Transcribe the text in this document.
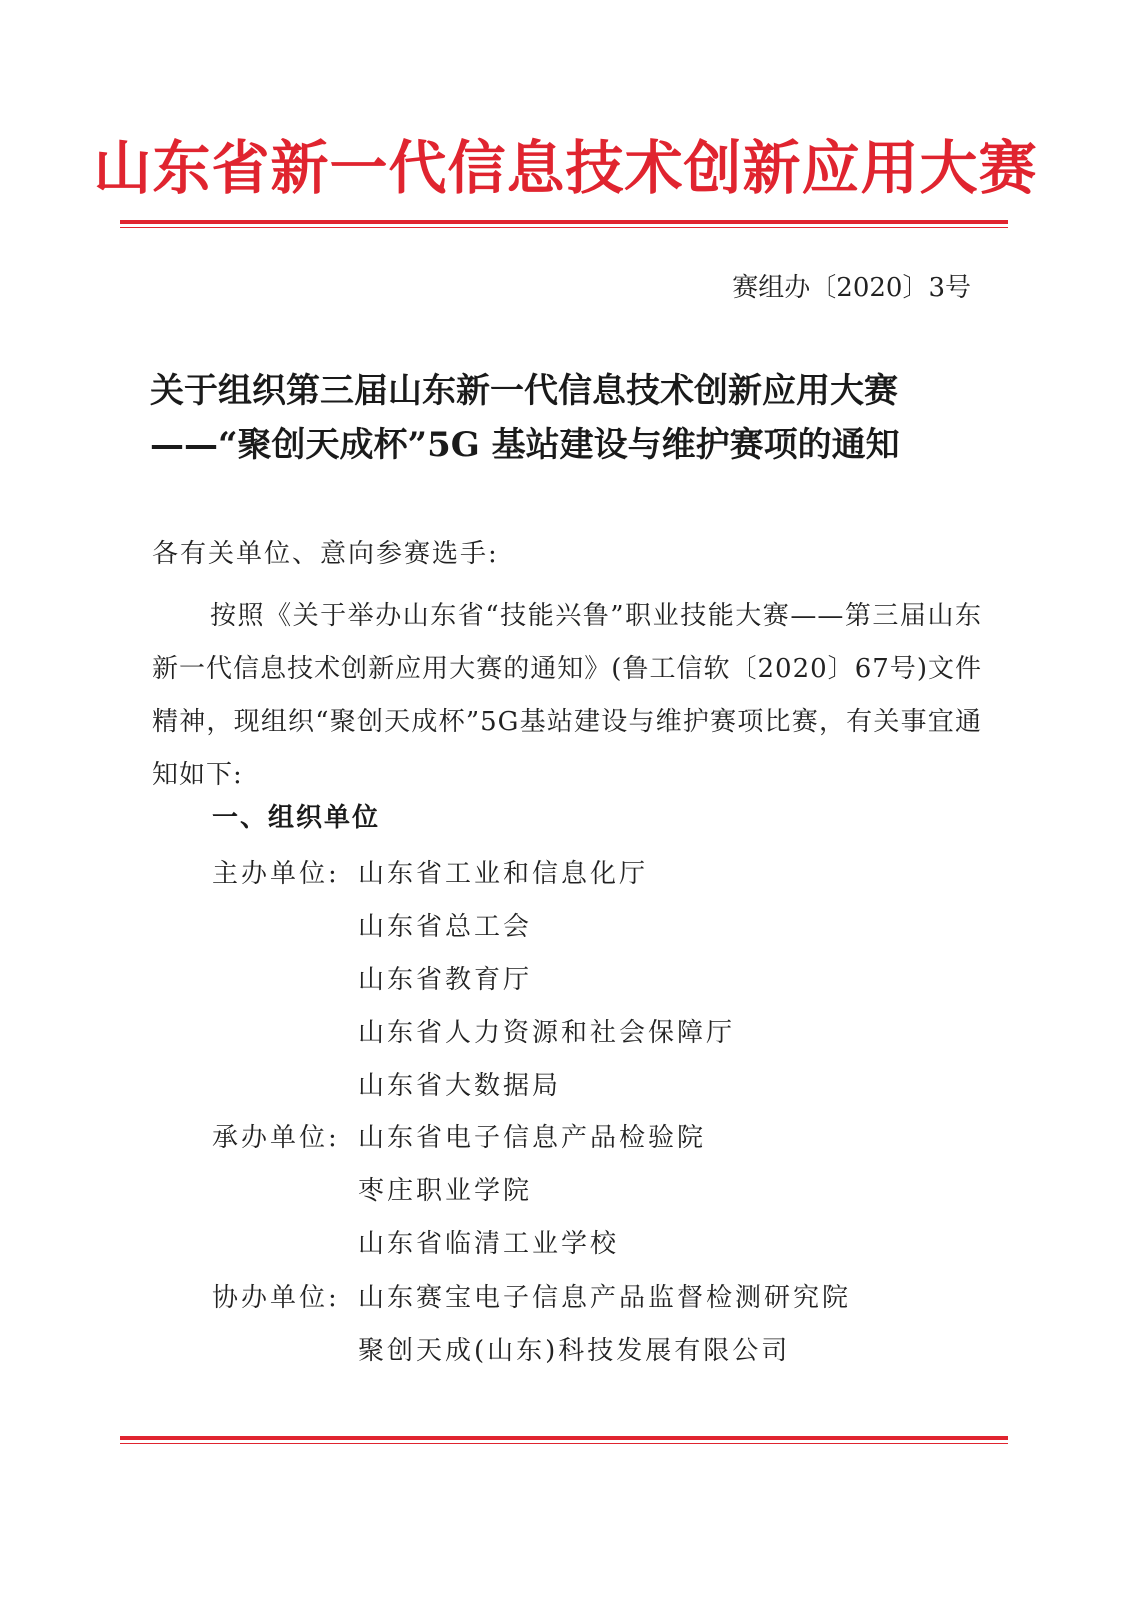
山东省新一代信息技术创新应用大赛
赛组办〔2020〕3号
关于组织第三届山东新一代信息技术创新应用大赛
——“聚创天成杯”5G 基站建设与维护赛项的通知
各有关单位、意向参赛选手:

按照《关于举办山东省“技能兴鲁”职业技能大赛——第三届山东新一代信息技术创新应用大赛的通知》(鲁工信软〔2020〕67号)文件精神，现组织“聚创天成杯”5G基站建设与维护赛项比赛，有关事宜通知如下:

一、组织单位
主办单位: 山东省工业和信息化厅
山东省总工会
山东省教育厅
山东省人力资源和社会保障厅
山东省大数据局
承办单位: 山东省电子信息产品检验院
枣庄职业学院
山东省临清工业学校
协办单位: 山东赛宝电子信息产品监督检测研究院
聚创天成(山东)科技发展有限公司
